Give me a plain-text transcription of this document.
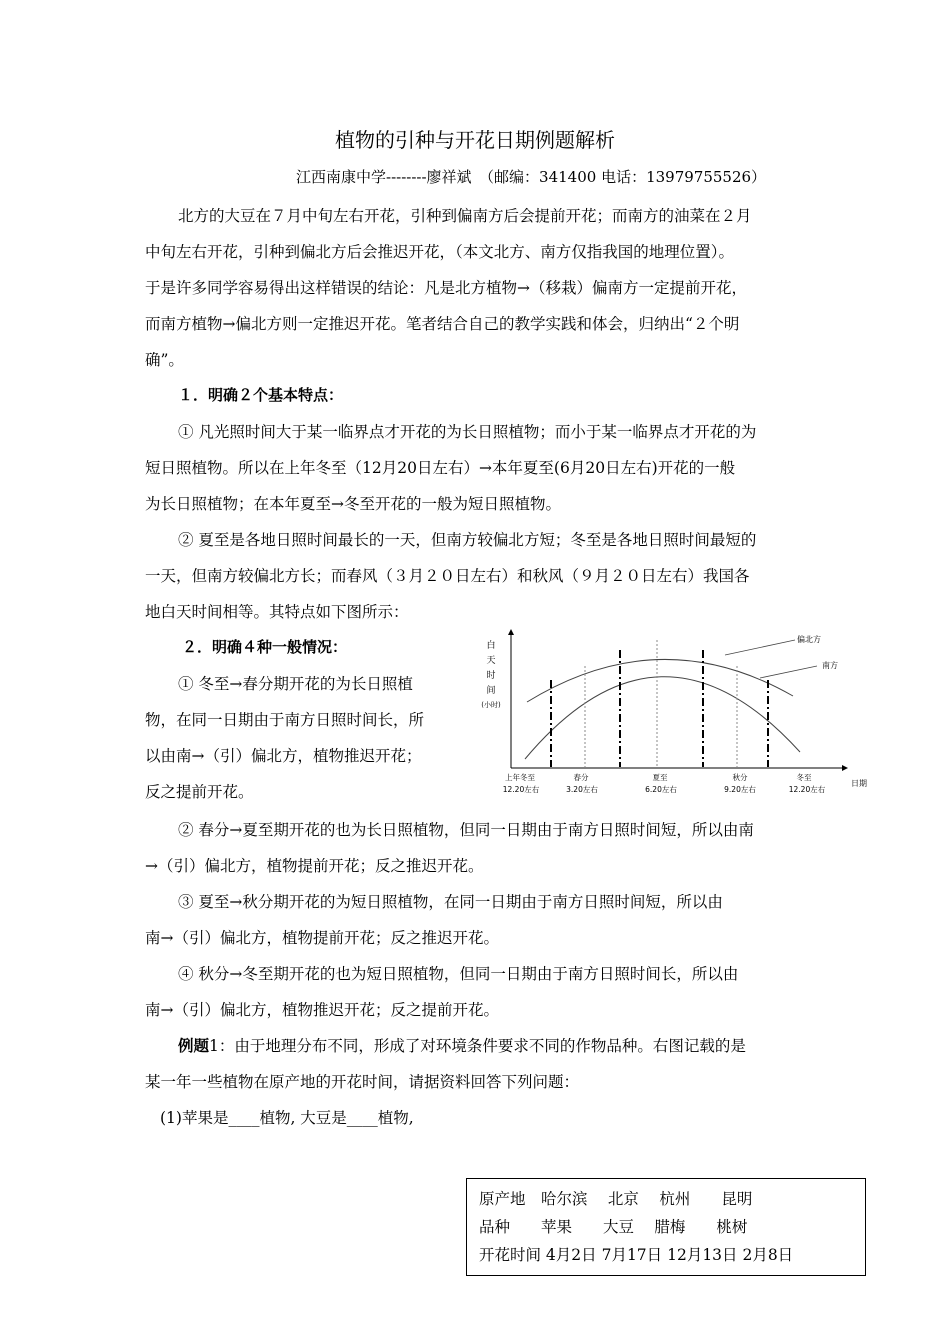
植物的引种与开花日期例题解析
江西南康中学--------廖祥斌　（邮编：341400 电话：13979755526）
北方的大豆在７月中旬左右开花，引种到偏南方后会提前开花；而南方的油菜在２月
中旬左右开花，引种到偏北方后会推迟开花，（本文北方、南方仅指我国的地理位置）。
于是许多同学容易得出这样错误的结论：凡是北方植物→（移栽）偏南方一定提前开花，
而南方植物→偏北方则一定推迟开花。笔者结合自己的教学实践和体会，归纳出“２个明
确”。
１．明确２个基本特点：
① 凡光照时间大于某一临界点才开花的为长日照植物；而小于某一临界点才开花的为
短日照植物。所以在上年冬至（12月20日左右）→本年夏至(6月20日左右)开花的一般
为长日照植物；在本年夏至→冬至开花的一般为短日照植物。
② 夏至是各地日照时间最长的一天，但南方较偏北方短；冬至是各地日照时间最短的
一天，但南方较偏北方长；而春风（３月２０日左右）和秋风（９月２０日左右）我国各
地白天时间相等。其特点如下图所示：
２．明确４种一般情况：
① 冬至→春分期开花的为长日照植
物，在同一日期由于南方日照时间长，所
以由南→（引）偏北方，植物推迟开花；
反之提前开花。
② 春分→夏至期开花的也为长日照植物，但同一日期由于南方日照时间短，所以由南
→（引）偏北方，植物提前开花；反之推迟开花。
③ 夏至→秋分期开花的为短日照植物，在同一日期由于南方日照时间短，所以由
南→（引）偏北方，植物提前开花；反之推迟开花。
④ 秋分→冬至期开花的也为短日照植物，但同一日期由于南方日照时间长，所以由
南→（引）偏北方，植物推迟开花；反之提前开花。
例题1：由于地理分布不同，形成了对环境条件要求不同的作物品种。右图记载的是
某一年一些植物在原产地的开花时间，请据资料回答下列问题：
(1)苹果是____植物, 大豆是____植物,
原产地　哈尔滨　 北京　 杭州　　昆明
品种　　苹果　　大豆　 腊梅　　桃树
开花时间 4月2日 7月17日 12月13日 2月8日
白
天
时
间
(小时)
偏北方
南方
上年冬至
12.20左右
春分
3.20左右
夏至
6.20左右
秋分
9.20左右
冬至
12.20左右
日期
